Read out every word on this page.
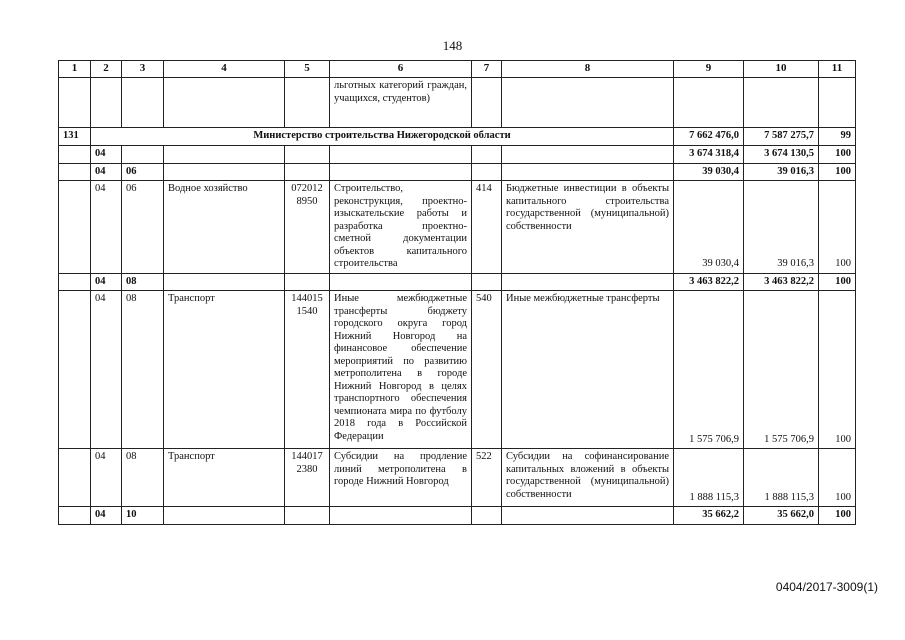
148
1	2	3	4	5	6	7	8	9	10	11
					льготных категорий граждан, учащихся, студентов)					
131	Министерство строительства Нижегородской области							7 662 476,0	7 587 275,7	99
	04							3 674 318,4	3 674 130,5	100
	04	06						39 030,4	39 016,3	100
	04	06	Водное хозяйство	072012 8950	Строительство, реконструкция, проектно-изыскательские работы и разработка проектно-сметной документации объектов капитального строительства	414	Бюджетные инвестиции в объекты капитального строительства государственной (муниципальной) собственности	39 030,4	39 016,3	100
	04	08						3 463 822,2	3 463 822,2	100
	04	08	Транспорт	144015 1540	Иные межбюджетные трансферты бюджету городского округа город Нижний Новгород на финансовое обеспечение мероприятий по развитию метрополитена в городе Нижний Новгород в целях транспортного обеспечения чемпионата мира по футболу 2018 года в Российской Федерации	540	Иные межбюджетные трансферты	1 575 706,9	1 575 706,9	100
	04	08	Транспорт	144017 2380	Субсидии на продление линий метрополитена в городе Нижний Новгород	522	Субсидии на софинансирование капитальных вложений в объекты государственной (муниципальной) собственности	1 888 115,3	1 888 115,3	100
	04	10						35 662,2	35 662,0	100
0404/2017-3009(1)
